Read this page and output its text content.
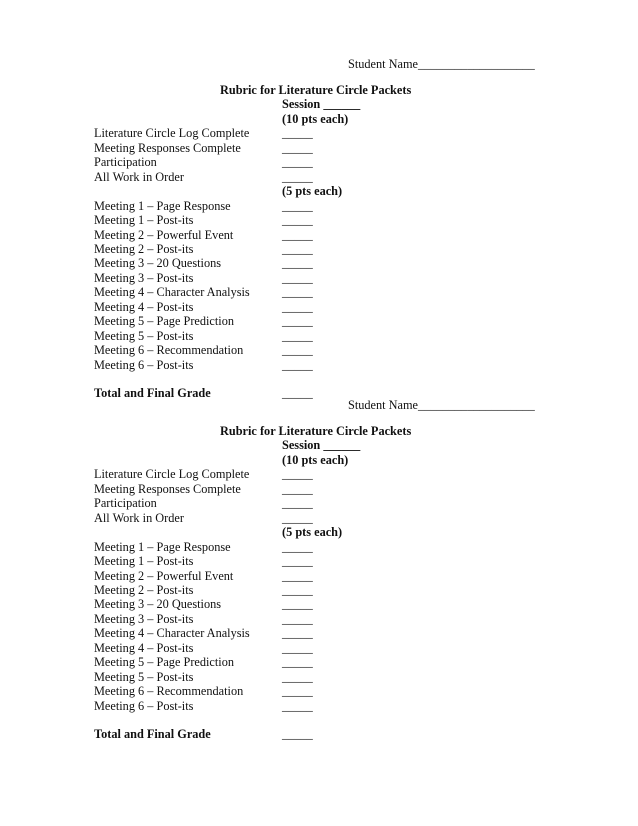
Student Name___________________
Rubric for Literature Circle Packets
Session ______
(10 pts each)
Literature Circle Log Complete	_____
Meeting Responses Complete	_____
Participation	_____
All Work in Order	_____
(5 pts each)
Meeting 1 – Page Response	_____
Meeting 1 – Post-its	_____
Meeting 2 – Powerful Event	_____
Meeting 2 – Post-its	_____
Meeting 3 – 20 Questions	_____
Meeting 3 – Post-its	_____
Meeting 4 – Character Analysis	_____
Meeting 4 – Post-its	_____
Meeting 5 – Page Prediction	_____
Meeting 5 – Post-its	_____
Meeting 6 – Recommendation	_____
Meeting 6 – Post-its	_____
Total and Final Grade	_____
Student Name___________________
Rubric for Literature Circle Packets
Session ______
(10 pts each)
Literature Circle Log Complete	_____
Meeting Responses Complete	_____
Participation	_____
All Work in Order	_____
(5 pts each)
Meeting 1 – Page Response	_____
Meeting 1 – Post-its	_____
Meeting 2 – Powerful Event	_____
Meeting 2 – Post-its	_____
Meeting 3 – 20 Questions	_____
Meeting 3 – Post-its	_____
Meeting 4 – Character Analysis	_____
Meeting 4 – Post-its	_____
Meeting 5 – Page Prediction	_____
Meeting 5 – Post-its	_____
Meeting 6 – Recommendation	_____
Meeting 6 – Post-its	_____
Total and Final Grade	_____
